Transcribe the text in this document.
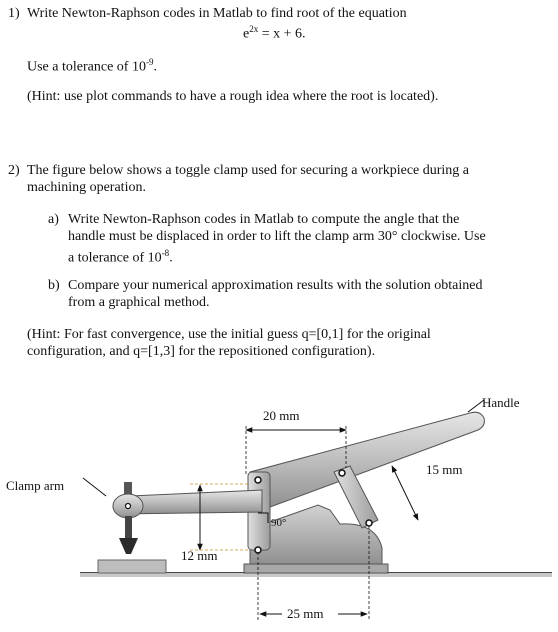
1) Write Newton-Raphson codes in Matlab to find root of the equation
$e^{2x} = x + 6$.
Use a tolerance of $10^{-9}$.
(Hint: use plot commands to have a rough idea where the root is located).
2) The figure below shows a toggle clamp used for securing a workpiece during a
machining operation.
a) Write Newton-Raphson codes in Matlab to compute the angle that the
handle must be displaced in order to lift the clamp arm 30° clockwise. Use
a tolerance of $10^{-8}$.
b) Compare your numerical approximation results with the solution obtained
from a graphical method.
(Hint: For fast convergence, use the initial guess q=[0,1] for the original
configuration, and q=[1,3] for the repositioned configuration).
90°
20 mm
15 mm
12 mm
25 mm
Handle
Clamp arm
